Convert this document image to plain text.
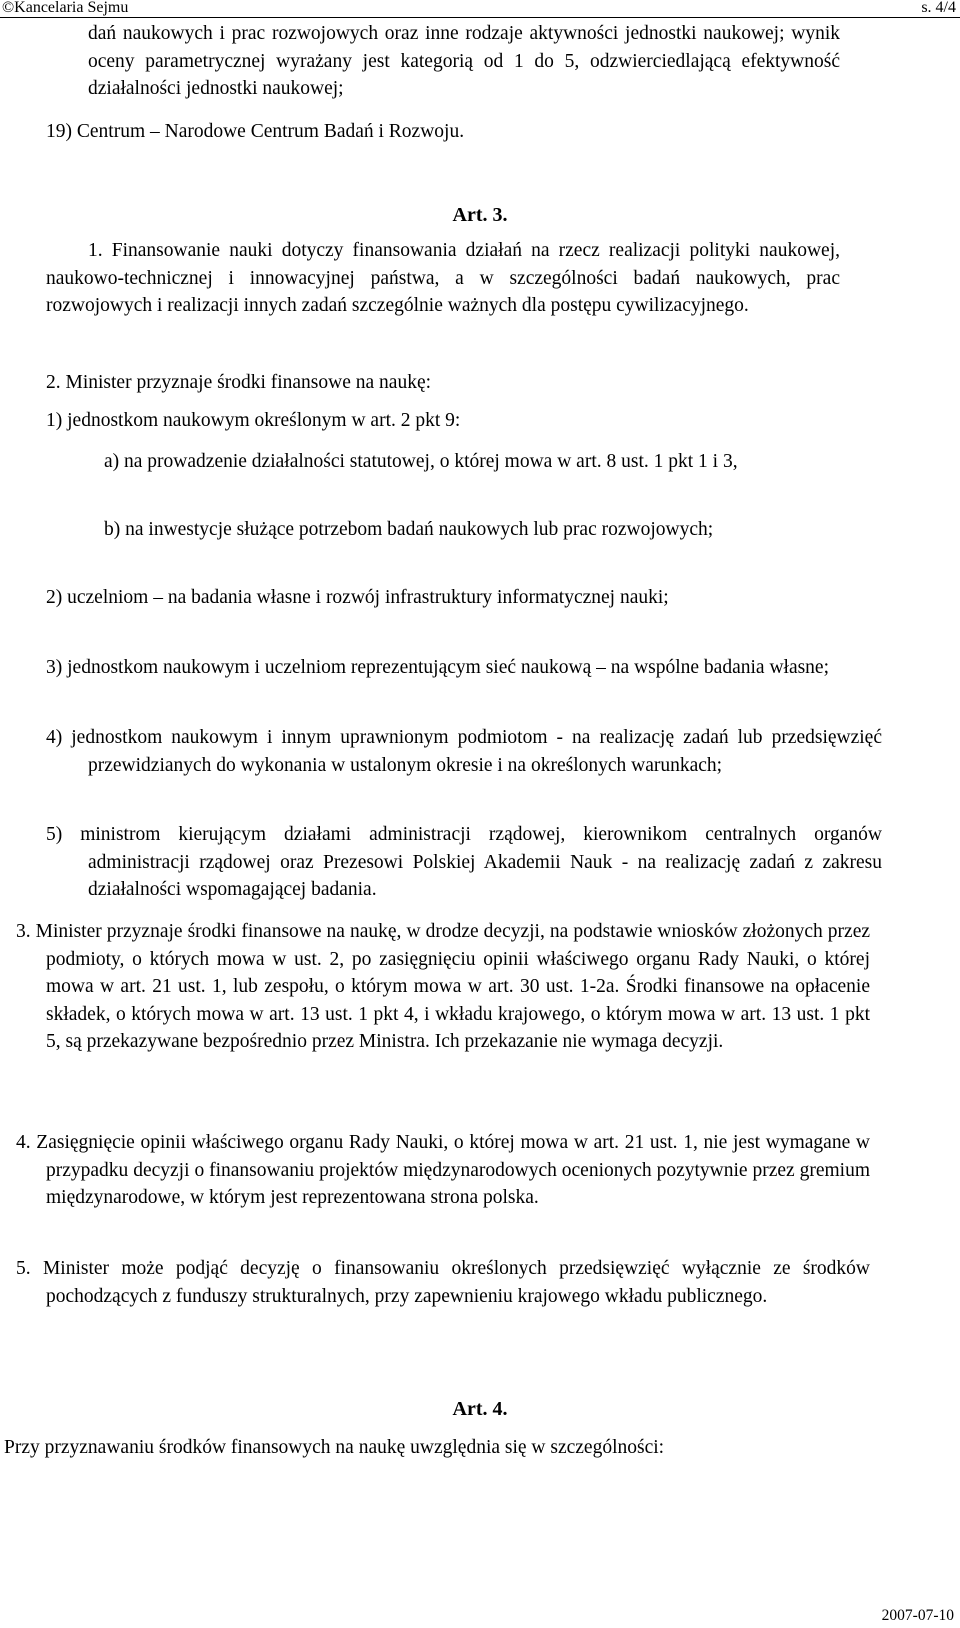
©Kancelaria Sejmu	s. 4/4

dań naukowych i prac rozwojowych oraz inne rodzaje aktywności jednostki naukowej; wynik oceny parametrycznej wyrażany jest kategorią od 1 do 5, odzwierciedlającą efektywność działalności jednostki naukowej;

19) Centrum – Narodowe Centrum Badań i Rozwoju.

Art. 3.

1. Finansowanie nauki dotyczy finansowania działań na rzecz realizacji polityki naukowej, naukowo-technicznej i innowacyjnej państwa, a w szczególności badań naukowych, prac rozwojowych i realizacji innych zadań szczególnie ważnych dla postępu cywilizacyjnego.

2. Minister przyznaje środki finansowe na naukę:

1) jednostkom naukowym określonym w art. 2 pkt 9:

a) na prowadzenie działalności statutowej, o której mowa w art. 8 ust. 1 pkt 1 i 3,

b) na inwestycje służące potrzebom badań naukowych lub prac rozwojowych;

2) uczelniom – na badania własne i rozwój infrastruktury informatycznej nauki;

3) jednostkom naukowym i uczelniom reprezentującym sieć naukową – na wspólne badania własne;

4) jednostkom naukowym i innym uprawnionym podmiotom - na realizację zadań lub przedsięwzięć przewidzianych do wykonania w ustalonym okresie i na określonych warunkach;

5) ministrom kierującym działami administracji rządowej, kierownikom centralnych organów administracji rządowej oraz Prezesowi Polskiej Akademii Nauk - na realizację zadań z zakresu działalności wspomagającej badania.

3. Minister przyznaje środki finansowe na naukę, w drodze decyzji, na podstawie wniosków złożonych przez podmioty, o których mowa w ust. 2, po zasięgnięciu opinii właściwego organu Rady Nauki, o której mowa w art. 21 ust. 1, lub zespołu, o którym mowa w art. 30 ust. 1-2a. Środki finansowe na opłacenie składek, o których mowa w art. 13 ust. 1 pkt 4, i wkładu krajowego, o którym mowa w art. 13 ust. 1 pkt 5, są przekazywane bezpośrednio przez Ministra. Ich przekazanie nie wymaga decyzji.

4. Zasięgnięcie opinii właściwego organu Rady Nauki, o której mowa w art. 21 ust. 1, nie jest wymagane w przypadku decyzji o finansowaniu projektów międzynarodowych ocenionych pozytywnie przez gremium międzynarodowe, w którym jest reprezentowana strona polska.

5. Minister może podjąć decyzję o finansowaniu określonych przedsięwzięć wyłącznie ze środków pochodzących z funduszy strukturalnych, przy zapewnieniu krajowego wkładu publicznego.

Art. 4.

Przy przyznawaniu środków finansowych na naukę uwzględnia się w szczególności:

2007-07-10
